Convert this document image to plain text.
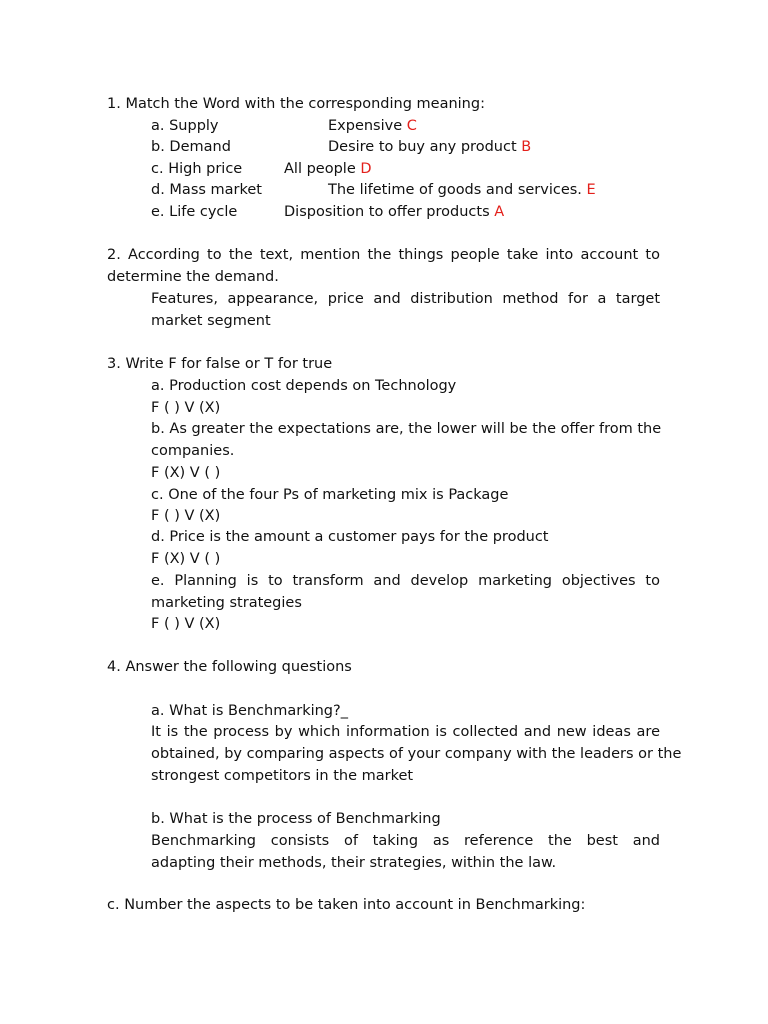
1. Match the Word with the corresponding meaning:
a. Supply	Expensive C
b. Demand	Desire to buy any product B
c. High price	All people D
d. Mass market	The lifetime of goods and services. E
e. Life cycle	Disposition to offer products A
2. According to the text, mention the things people take into account to
determine the demand.
Features, appearance, price and distribution method for a target
market segment
3. Write F for false or T for true
a. Production cost depends on Technology
F ( ) V (X)
b. As greater the expectations are, the lower will be the offer from the
companies.
F (X) V ( )
c. One of the four Ps of marketing mix is Package
F ( ) V (X)
d. Price is the amount a customer pays for the product
F (X) V ( )
e. Planning is to transform and develop marketing objectives to
marketing strategies
F ( ) V (X)
4. Answer the following questions
a. What is Benchmarking?_
It is the process by which information is collected and new ideas are
obtained, by comparing aspects of your company with the leaders or the
strongest competitors in the market
b. What is the process of Benchmarking
Benchmarking consists of taking as reference the best and
adapting their methods, their strategies, within the law.
c. Number the aspects to be taken into account in Benchmarking:
